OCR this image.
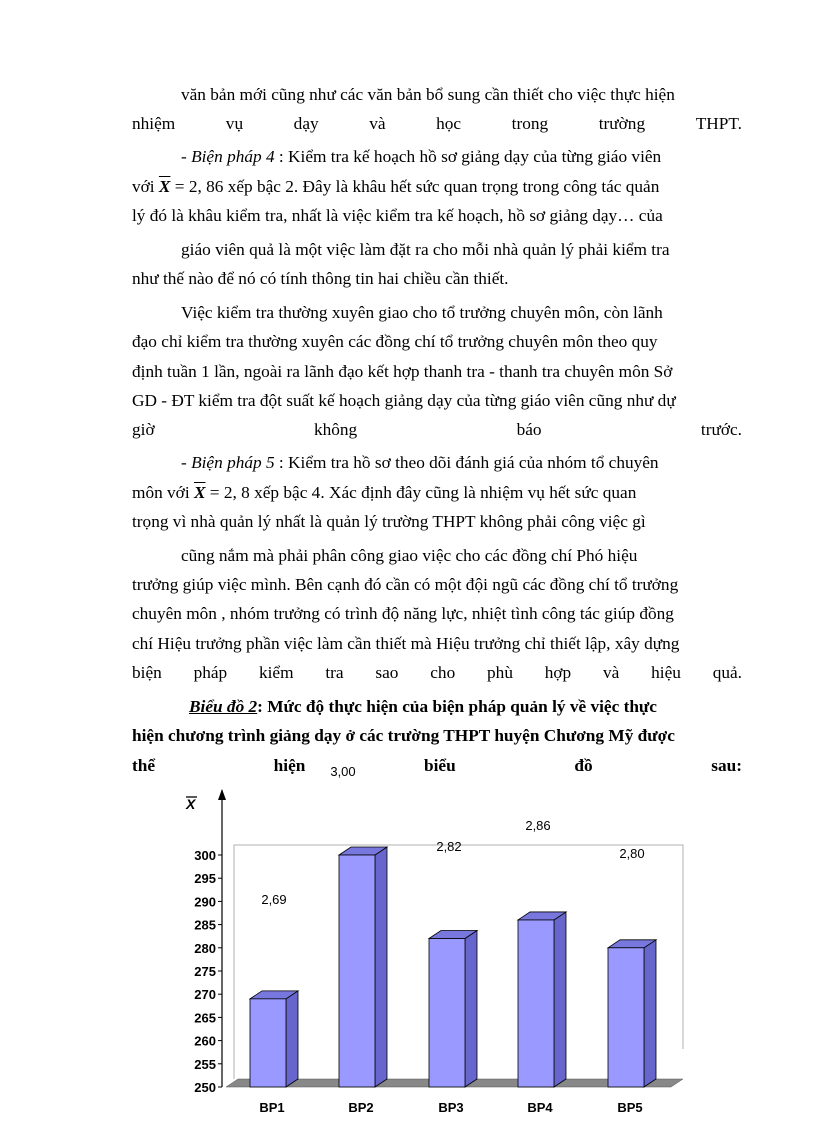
văn bản mới cũng như các văn bản bổ sung cần thiết cho việc thực hiện
nhiệm	vụ	dạy	và	học	trong	trường	THPT.
- Biện pháp 4 : Kiểm tra kế hoạch hồ sơ giảng dạy của từng giáo viên
với $\overline{X} = 2$, 86 xếp bậc 2. Đây là khâu hết sức quan trọng trong công tác quản
lý đó là khâu kiểm tra, nhất là việc kiểm tra kế hoạch, hồ sơ giảng dạy… của
giáo viên quả là một việc làm đặt ra cho mỗi nhà quản lý phải kiểm tra
như thế nào để nó có tính thông tin hai chiều cần thiết.
Việc kiểm tra thường xuyên giao cho tổ trưởng chuyên môn, còn lãnh
đạo chỉ kiểm tra thường xuyên các đồng chí tổ trưởng chuyên môn theo quy
định tuần 1 lần, ngoài ra lãnh đạo kết hợp thanh tra - thanh tra chuyên môn Sở
GD - ĐT kiểm tra đột suất kế hoạch giảng dạy của từng giáo viên cũng như dự
giờ	không	báo	trước.
- Biện pháp 5 : Kiểm tra hồ sơ theo dõi đánh giá của nhóm tổ chuyên
môn với $\overline{X} = 2$, 8 xếp bậc 4. Xác định đây cũng là nhiệm vụ hết sức quan
trọng vì nhà quản lý nhất là quản lý trường THPT không phải công việc gì
cũng nắm mà phải phân công giao việc cho các đồng chí Phó hiệu
trưởng giúp việc mình. Bên cạnh đó cần có một đội ngũ các đồng chí tổ trưởng
chuyên môn , nhóm trưởng có trình độ năng lực, nhiệt tình công tác giúp đồng
chí Hiệu trưởng phần việc làm cần thiết mà Hiệu trưởng chỉ thiết lập, xây dựng
biện pháp kiểm tra sao cho phù hợp và hiệu quả.
Biểu đồ 2: Mức độ thực hiện của biện pháp quản lý về việc thực
hiện chương trình giảng dạy ở các trường THPT huyện Chương Mỹ được
thể	hiện	biểu	đồ	sau:
X
250
255
260
265
270
275
280
285
290
295
300
BP1
2,69
BP2
3,00
BP3
2,82
BP4
2,86
BP5
2,80
